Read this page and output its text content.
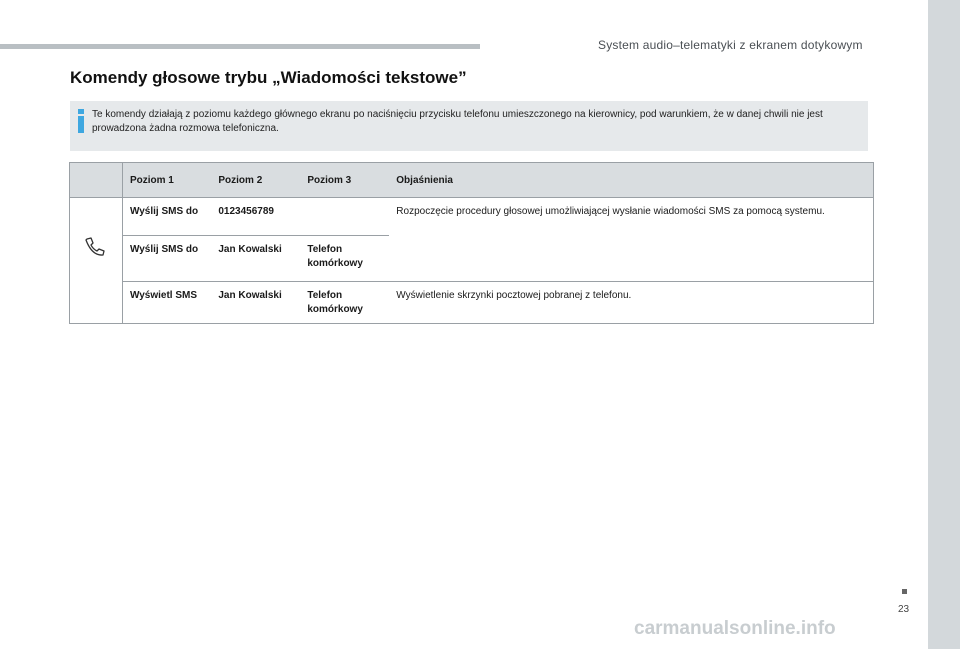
System audio–telematyki z ekranem dotykowym
23
Komendy głosowe trybu „Wiadomości tekstowe”
Te komendy działają z poziomu każdego głównego ekranu po naciśnięciu przycisku telefonu umieszczonego na kierownicy, pod warunkiem, że w danej chwili nie jest prowadzona żadna rozmowa telefoniczna.
	Poziom 1	Poziom 2	Poziom 3	Objaśnienia

	Wyślij SMS do	0123456789		Rozpoczęcie procedury głosowej umożliwiającej wysłanie wiadomości SMS za pomocą systemu.
	Wyślij SMS do	Jan Kowalski	Telefon komórkowy	
	Wyświetl SMS	Jan Kowalski	Telefon komórkowy	Wyświetlenie skrzynki pocztowej pobranej z telefonu.
carmanualsonline.info
